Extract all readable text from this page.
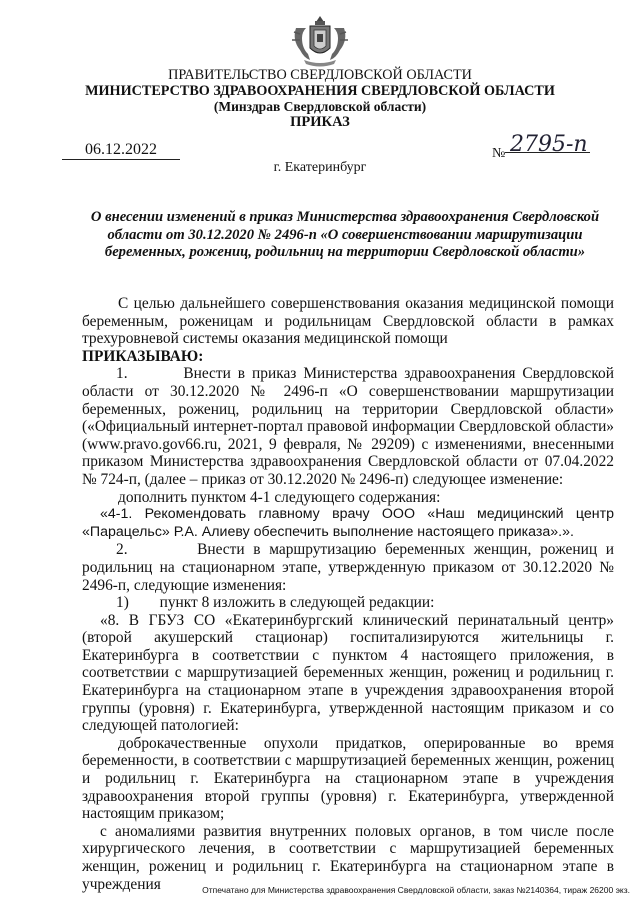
ПРАВИТЕЛЬСТВО СВЕРДЛОВСКОЙ ОБЛАСТИ
МИНИСТЕРСТВО ЗДРАВООХРАНЕНИЯ СВЕРДЛОВСКОЙ ОБЛАСТИ
(Минздрав Свердловской области)
ПРИКАЗ
06.12.2022	№ 2795-п
г. Екатеринбург
О внесении изменений в приказ Министерства здравоохранения Свердловской области от 30.12.2020 № 2496-п «О совершенствовании маршрутизации беременных, рожениц, родильниц на территории Свердловской области»

С целью дальнейшего совершенствования оказания медицинской помощи беременным, роженицам и родильницам Свердловской области в рамках трехуровневой системы оказания медицинской помощи

ПРИКАЗЫВАЮ:

1.        Внести в приказ Министерства здравоохранения Свердловской области от 30.12.2020 № 2496-п «О совершенствовании маршрутизации беременных, рожениц, родильниц на территории Свердловской области» («Официальный интернет-портал правовой информации Свердловской области» (www.pravo.gov66.ru, 2021, 9 февраля, № 29209) с изменениями, внесенными приказом Министерства здравоохранения Свердловской области от 07.04.2022 № 724-п, (далее – приказ от 30.12.2020 № 2496-п) следующее изменение:

дополнить пунктом 4-1 следующего содержания:

«4-1. Рекомендовать главному врачу ООО «Наш медицинский центр «Парацельс» Р.А. Алиеву обеспечить выполнение настоящего приказа».».

2.        Внести в маршрутизацию беременных женщин, рожениц и родильниц на стационарном этапе, утвержденную приказом от 30.12.2020 № 2496-п, следующие изменения:

1)        пункт 8 изложить в следующей редакции:

«8. В ГБУЗ СО «Екатеринбургский клинический перинатальный центр» (второй акушерский стационар) госпитализируются жительницы г. Екатеринбурга в соответствии с пунктом 4 настоящего приложения, в соответствии с маршрутизацией беременных женщин, рожениц и родильниц г. Екатеринбурга на стационарном этапе в учреждения здравоохранения второй группы (уровня) г. Екатеринбурга, утвержденной настоящим приказом и со следующей патологией:

доброкачественные опухоли придатков, оперированные во время беременности, в соответствии с маршрутизацией беременных женщин, рожениц и родильниц г. Екатеринбурга на стационарном этапе в учреждения здравоохранения второй группы (уровня) г. Екатеринбурга, утвержденной настоящим приказом;

с аномалиями развития внутренних половых органов, в том числе после хирургического лечения, в соответствии с маршрутизацией беременных женщин, рожениц и родильниц г. Екатеринбурга на стационарном этапе в учреждения	Отпечатано для Министерства здравоохранения Свердловской области, заказ №2140364, тираж 26200 экз.
